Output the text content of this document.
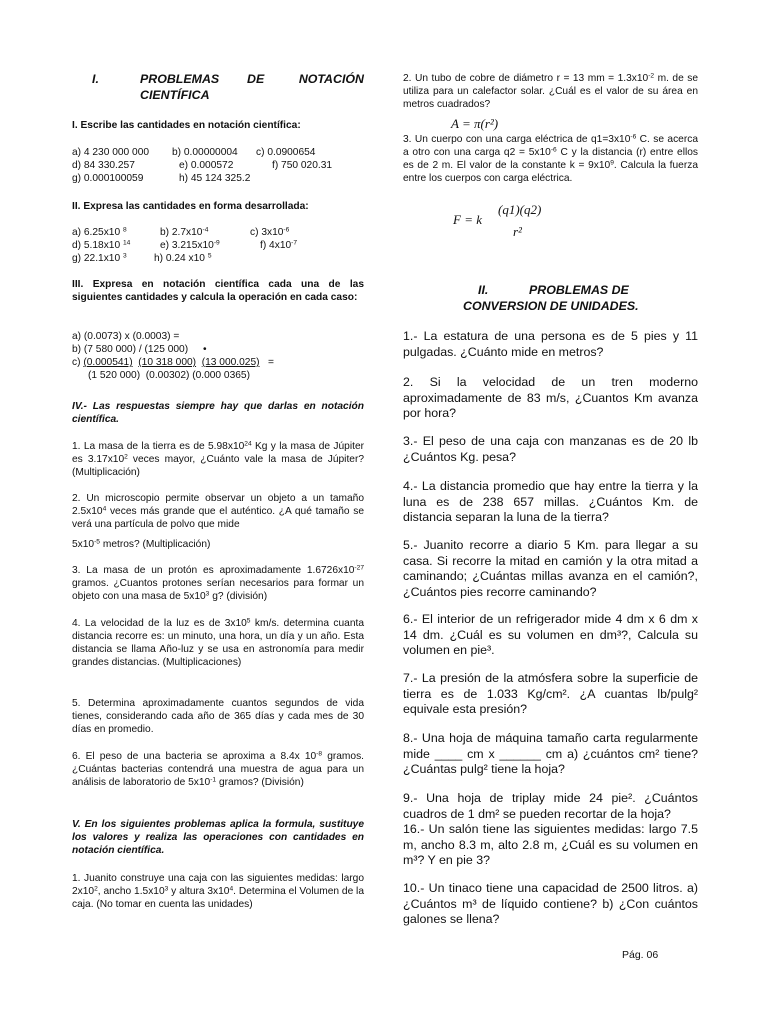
I.	PROBLEMAS DE	NOTACIÓN
CIENTÍFICA

I. Escribe las cantidades en notación científica:

a) 4 230 000 000 b) 0.00000004 c) 0.0900654
d) 84 330.257	e) 0.000572	f) 750 020.31
g) 0.000100059	h) 45 124 325.2

II. Expresa las cantidades en forma desarrollada:

a) 6.25x10 $^8$	b) $2.7x10^{-4}$	c) $3x10^{-6}$
d) 5.18x10 $^{14}$	e) $3.215x10^{-9}$	f) $4x10^{-7}$
g) 22.1x10 $^3$	h) 0.24 x10 $^5$

III. Expresa en notación científica cada una de las siguientes cantidades y calcula la operación en cada caso:

a) (0.0073) x (0.0003) =
b) (7 580 000) / (125 000) •
c) (0.000541) (10 318 000) (13 000.025) =
(1 520 000)  (0.00302) (0.000 0365)

IV.- Las respuestas siempre hay que darlas en notación científica.

1. La masa de la tierra es de $5.98x10^{24}$ Kg y la masa de Júpiter es $3.17x10^2$ veces mayor, ¿Cuánto vale la masa de Júpiter? (Multiplicación)

2. Un microscopio permite observar un objeto a un tamaño $2.5x10^4$ veces más grande que el auténtico. ¿A qué tamaño se verá una partícula de polvo que mide

$5x10^{-5}$ metros? (Multiplicación)

3. La masa de un protón es aproximadamente $1.6726x10^{-27}$ gramos. ¿Cuantos protones serían necesarios para formar un objeto con una masa de $5x10^3$ g? (división)

4. La velocidad de la luz es de $3x10^5$ km/s. determina cuanta distancia recorre es: un minuto, una hora, un día y un año. Esta distancia se llama Año-luz y se usa en astronomía para medir grandes distancias. (Multiplicaciones)

5. Determina aproximadamente cuantos segundos de vida tienes, considerando cada año de 365 días y cada mes de 30 días en promedio.

6. El peso de una bacteria se aproxima a 8.4x $10^{-8}$ gramos. ¿Cuántas bacterias contendrá una muestra de agua para un análisis de laboratorio de $5x10^{-1}$ gramos? (División)

V. En los siguientes problemas aplica la formula, sustituye los valores y realiza las operaciones con cantidades en notación científica.

1. Juanito construye una caja con las siguientes medidas: largo $2x10^2$, ancho $1.5x10^3$ y altura $3x10^4$. Determina el Volumen de la caja. (No tomar en cuenta las unidades)

2. Un tubo de cobre de diámetro r = 13 mm = $1.3x10^{-2}$ m. de se utiliza para un calefactor solar. ¿Cuál es el valor de su área en metros cuadrados?

A = π(r²)

3. Un cuerpo con una carga eléctrica de $q1=3x10^{-6}$ C. se acerca a otro con una carga $q2 = 5x10^{-6}$ C y la distancia (r) entre ellos es de 2 m. El valor de la constante $k = 9x10^9$. Calcula la fuerza entre los cuerpos con carga eléctrica.

F = k
(q1)(q2)
r²
II.	PROBLEMAS DE
CONVERSION DE UNIDADES.

1.- La estatura de una persona es de 5 pies y 11 pulgadas. ¿Cuánto mide en metros?

2. Si la velocidad de un tren moderno aproximadamente de 83 m/s, ¿Cuantos Km avanza por hora?

3.- El peso de una caja con manzanas es de 20 lb ¿Cuántos Kg. pesa?

4.- La distancia promedio que hay entre la tierra y la luna es de 238 657 millas. ¿Cuántos Km. de distancia separan la luna de la tierra?

5.- Juanito recorre a diario 5 Km. para llegar a su casa. Si recorre la mitad en camión y la otra mitad a caminando; ¿Cuántas millas avanza en el camión?, ¿Cuántos pies recorre caminando?

6.- El interior de un refrigerador mide 4 dm x 6 dm x 14 dm. ¿Cuál es su volumen en dm³?, Calcula su volumen en pie³.

7.- La presión de la atmósfera sobre la superficie de tierra es de 1.033 Kg/cm². ¿A cuantas lb/pulg² equivale esta presión?

8.- Una hoja de máquina tamaño carta regularmente mide ____ cm x ______ cm a) ¿cuántos cm² tiene? ¿Cuántas pulg² tiene la hoja?

9.- Una hoja de triplay mide 24 pie². ¿Cuántos cuadros de 1 dm² se pueden recortar de la hoja?

16.- Un salón tiene las siguientes medidas: largo 7.5 m, ancho 8.3 m, alto 2.8 m, ¿Cuál es su volumen en m³? Y en pie 3?

10.- Un tinaco tiene una capacidad de 2500 litros. a) ¿Cuántos m³ de líquido contiene? b) ¿Con cuántos galones se llena?

Pág. 06
